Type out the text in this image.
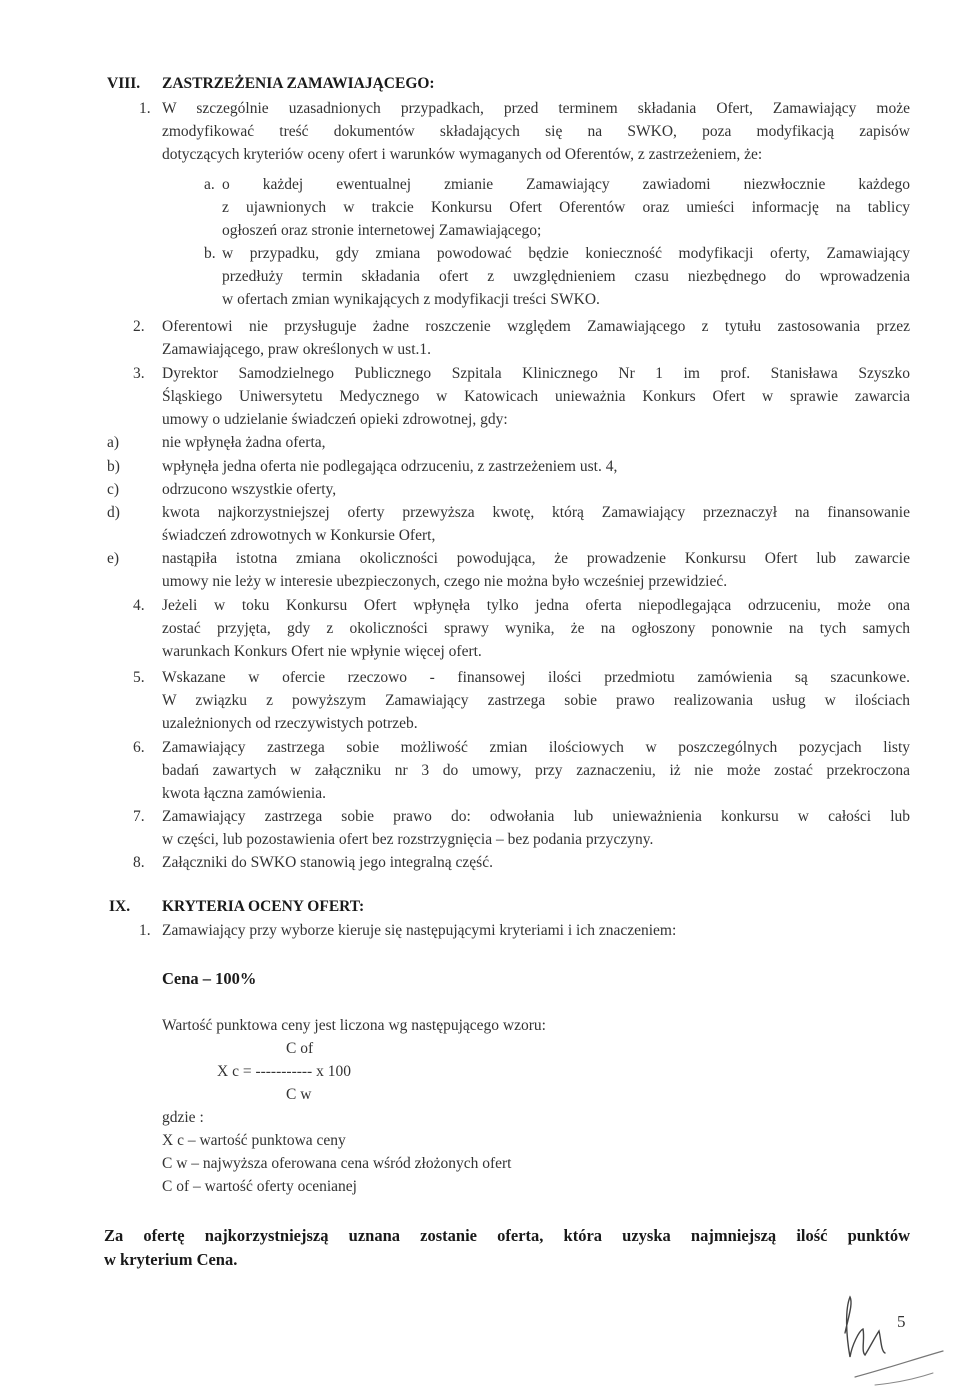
VIII. ZASTRZEŻENIA ZAMAWIAJĄCEGO:
1. W szczególnie uzasadnionych przypadkach, przed terminem składania Ofert, Zamawiający może
zmodyfikować treść dokumentów składających się na SWKO, poza modyfikacją zapisów
dotyczących kryteriów oceny ofert i warunków wymaganych od Oferentów, z zastrzeżeniem, że:
a. o każdej ewentualnej zmianie Zamawiający zawiadomi niezwłocznie każdego
z ujawnionych w trakcie Konkursu Ofert Oferentów oraz umieści informację na tablicy
ogłoszeń oraz stronie internetowej Zamawiającego;
b. w przypadku, gdy zmiana powodować będzie konieczność modyfikacji oferty, Zamawiający
przedłuży termin składania ofert z uwzględnieniem czasu niezbędnego do wprowadzenia
w ofertach zmian wynikających z modyfikacji treści SWKO.
2. Oferentowi nie przysługuje żadne roszczenie względem Zamawiającego z tytułu zastosowania przez
Zamawiającego, praw określonych w ust.1.
3. Dyrektor Samodzielnego Publicznego Szpitala Klinicznego Nr 1 im prof. Stanisława Szyszko
Śląskiego Uniwersytetu Medycznego w Katowicach unieważnia Konkurs Ofert w sprawie zawarcia
umowy o udzielanie świadczeń opieki zdrowotnej, gdy:
a)	nie wpłynęła żadna oferta,
b)	wpłynęła jedna oferta nie podlegająca odrzuceniu, z zastrzeżeniem ust. 4,
c)	odrzucono wszystkie oferty,
d)	kwota najkorzystniejszej oferty przewyższa kwotę, którą Zamawiający przeznaczył na finansowanie
świadczeń zdrowotnych w Konkursie Ofert,
e)	nastąpiła istotna zmiana okoliczności powodująca, że prowadzenie Konkursu Ofert lub zawarcie
umowy nie leży w interesie ubezpieczonych, czego nie można było wcześniej przewidzieć.
4. Jeżeli w toku Konkursu Ofert wpłynęła tylko jedna oferta niepodlegająca odrzuceniu, może ona
zostać przyjęta, gdy z okoliczności sprawy wynika, że na ogłoszony ponownie na tych samych
warunkach Konkurs Ofert nie wpłynie więcej ofert.
5. Wskazane w ofercie rzeczowo - finansowej ilości przedmiotu zamówienia są szacunkowe.
W związku z powyższym Zamawiający zastrzega sobie prawo realizowania usług w ilościach
uzależnionych od rzeczywistych potrzeb.
6. Zamawiający zastrzega sobie możliwość zmian ilościowych w poszczególnych pozycjach listy
badań zawartych w załączniku nr 3 do umowy, przy zaznaczeniu, iż nie może zostać przekroczona
kwota łączna zamówienia.
7. Zamawiający zastrzega sobie prawo do: odwołania lub unieważnienia konkursu w całości lub
w części, lub pozostawienia ofert bez rozstrzygnięcia – bez podania przyczyny.
8. Załączniki do SWKO stanowią jego integralną część.
IX. KRYTERIA OCENY OFERT:
1. Zamawiający przy wyborze kieruje się następującymi kryteriami i ich znaczeniem:
Cena – 100%
Wartość punktowa ceny jest liczona wg następującego wzoru:
C of
X c = ----------- x 100
C w
gdzie :
X c – wartość punktowa ceny
C w – najwyższa oferowana cena wśród złożonych ofert
C of – wartość oferty ocenianej
Za ofertę najkorzystniejszą uznana zostanie oferta, która uzyska najmniejszą ilość punktów
w kryterium Cena.
5
